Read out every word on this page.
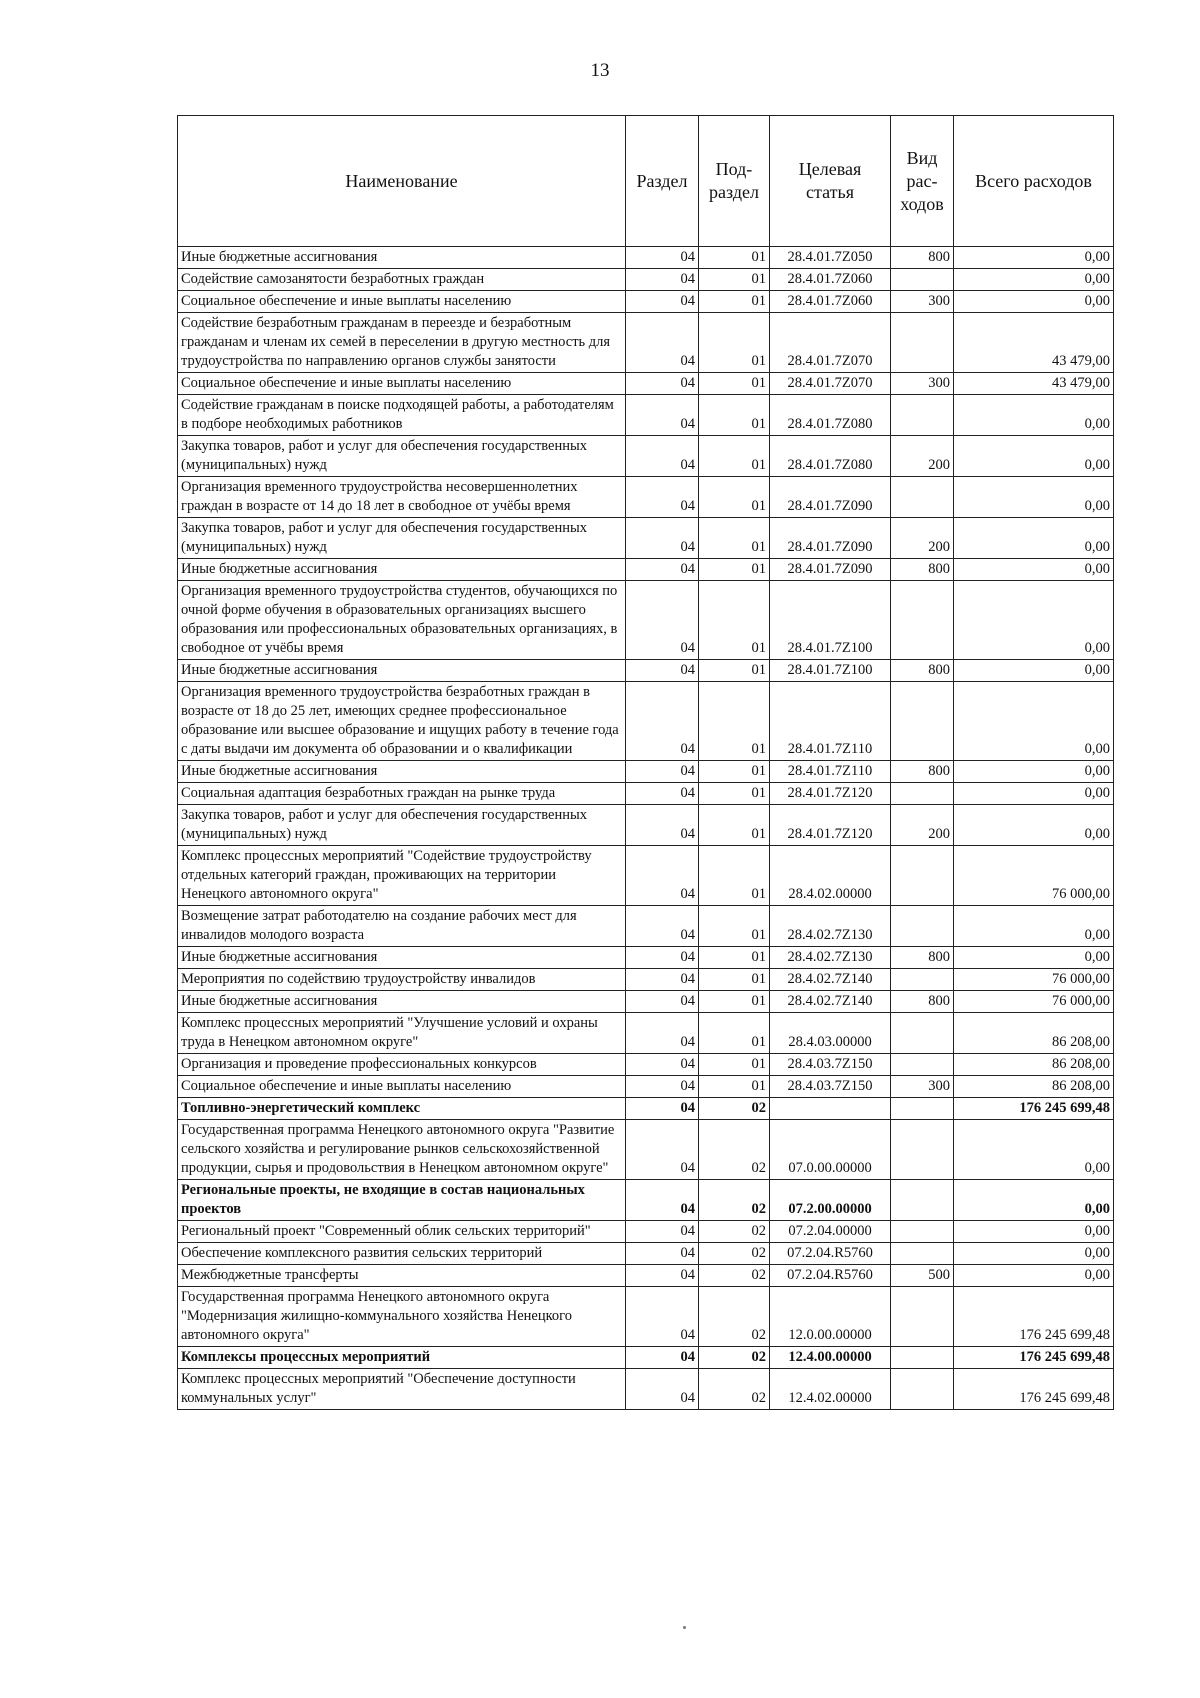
13
Наименование	Раздел	Под- раздел	Целевая статья	Вид рас- ходов	Всего расходов
Иные бюджетные ассигнования	04	01	28.4.01.7Z050	800	0,00
Содействие самозанятости безработных граждан	04	01	28.4.01.7Z060		0,00
Социальное обеспечение и иные выплаты населению	04	01	28.4.01.7Z060	300	0,00
Содействие безработным гражданам в переезде и безработным гражданам и членам их семей в переселении в другую местность для трудоустройства по направлению органов службы занятости	04	01	28.4.01.7Z070		43 479,00
Социальное обеспечение и иные выплаты населению	04	01	28.4.01.7Z070	300	43 479,00
Содействие гражданам в поиске подходящей работы, а работодателям в подборе необходимых работников	04	01	28.4.01.7Z080		0,00
Закупка товаров, работ и услуг для обеспечения государственных (муниципальных) нужд	04	01	28.4.01.7Z080	200	0,00
Организация временного трудоустройства несовершеннолетних граждан в возрасте от 14 до 18 лет в свободное от учёбы время	04	01	28.4.01.7Z090		0,00
Закупка товаров, работ и услуг для обеспечения государственных (муниципальных) нужд	04	01	28.4.01.7Z090	200	0,00
Иные бюджетные ассигнования	04	01	28.4.01.7Z090	800	0,00
Организация временного трудоустройства студентов, обучающихся по очной форме обучения в образовательных организациях высшего образования или профессиональных образовательных организациях, в свободное от учёбы время	04	01	28.4.01.7Z100		0,00
Иные бюджетные ассигнования	04	01	28.4.01.7Z100	800	0,00
Организация временного трудоустройства безработных граждан в возрасте от 18 до 25 лет, имеющих среднее профессиональное образование или высшее образование и ищущих работу в течение года с даты выдачи им документа об образовании и о квалификации	04	01	28.4.01.7Z110		0,00
Иные бюджетные ассигнования	04	01	28.4.01.7Z110	800	0,00
Социальная адаптация безработных граждан на рынке труда	04	01	28.4.01.7Z120		0,00
Закупка товаров, работ и услуг для обеспечения государственных (муниципальных) нужд	04	01	28.4.01.7Z120	200	0,00
Комплекс процессных мероприятий "Содействие трудоустройству отдельных категорий граждан, проживающих на территории Ненецкого автономного округа"	04	01	28.4.02.00000		76 000,00
Возмещение затрат работодателю на создание рабочих мест для инвалидов молодого возраста	04	01	28.4.02.7Z130		0,00
Иные бюджетные ассигнования	04	01	28.4.02.7Z130	800	0,00
Мероприятия по содействию трудоустройству инвалидов	04	01	28.4.02.7Z140		76 000,00
Иные бюджетные ассигнования	04	01	28.4.02.7Z140	800	76 000,00
Комплекс процессных мероприятий "Улучшение условий и охраны труда в Ненецком автономном округе"	04	01	28.4.03.00000		86 208,00
Организация и проведение профессиональных конкурсов	04	01	28.4.03.7Z150		86 208,00
Социальное обеспечение и иные выплаты населению	04	01	28.4.03.7Z150	300	86 208,00
Топливно-энергетический комплекс	04	02			176 245 699,48
Государственная программа Ненецкого автономного округа "Развитие сельского хозяйства и регулирование рынков сельскохозяйственной продукции, сырья и продовольствия в Ненецком автономном округе"	04	02	07.0.00.00000		0,00
Региональные проекты, не входящие в состав национальных проектов	04	02	07.2.00.00000		0,00
Региональный проект "Современный облик сельских территорий"	04	02	07.2.04.00000		0,00
Обеспечение комплексного развития сельских территорий	04	02	07.2.04.R5760		0,00
Межбюджетные трансферты	04	02	07.2.04.R5760	500	0,00
Государственная программа Ненецкого автономного округа "Модернизация жилищно-коммунального хозяйства Ненецкого автономного округа"	04	02	12.0.00.00000		176 245 699,48
Комплексы процессных мероприятий	04	02	12.4.00.00000		176 245 699,48
Комплекс процессных мероприятий "Обеспечение доступности коммунальных услуг"	04	02	12.4.02.00000		176 245 699,48
